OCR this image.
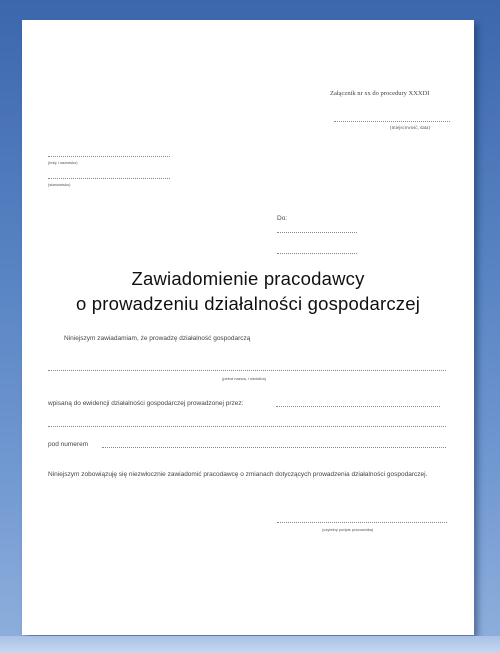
Załącznik nr xx do procedury XXXDI
(miejscowość, data)
(imię i nazwisko)
(stanowisko)
Do:
Zawiadomienie pracodawcy
o prowadzeniu działalności gospodarczej
Niniejszym zawiadamiam, że prowadzę działalność gospodarczą
(pełna nazwa, i siedziba)
wpisaną do ewidencji działalności gospodarczej prowadzonej przez:
pod numerem
Niniejszym zobowiązuję się niezwłocznie zawiadomić pracodawcę o zmianach dotyczących prowadzenia działalności gospodarczej.
(czytelny podpis pracownika)
